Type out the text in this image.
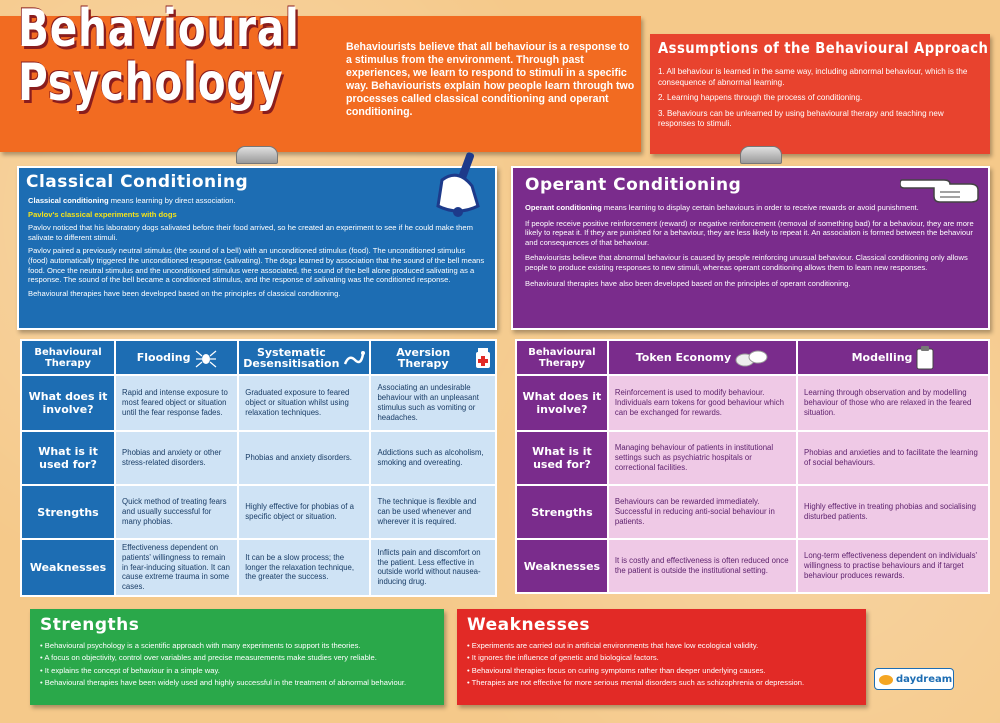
Behavioural
Psychology
Behaviourists believe that all behaviour is a response to a stimulus from the environment. Through past experiences, we learn to respond to stimuli in a specific way. Behaviourists explain how people learn through two processes called classical conditioning and operant conditioning.
Assumptions of the Behavioural Approach
1. All behaviour is learned in the same way, including abnormal behaviour, which is the consequence of abnormal learning.
2. Learning happens through the process of conditioning.
3. Behaviours can be unlearned by using behavioural therapy and teaching new responses to stimuli.
Classical Conditioning
Classical conditioning means learning by direct association.
Pavlov's classical experiments with dogs
Pavlov noticed that his laboratory dogs salivated before their food arrived, so he created an experiment to see if he could make them salivate to different stimuli.
Pavlov paired a previously neutral stimulus (the sound of a bell) with an unconditioned stimulus (food). The unconditioned stimulus (food) automatically triggered the unconditioned response (salivating). The dogs learned by association that the sound of the bell means food. Once the neutral stimulus and the unconditioned stimulus were associated, the sound of the bell alone produced salivating as a response. The sound of the bell became a conditioned stimulus, and the response of salivating was the conditioned response.
Behavioural therapies have been developed based on the principles of classical conditioning.
Operant Conditioning
Operant conditioning means learning to display certain behaviours in order to receive rewards or avoid punishment.
If people receive positive reinforcement (reward) or negative reinforcement (removal of something bad) for a behaviour, they are more likely to repeat it. If they are punished for a behaviour, they are less likely to repeat it. An association is formed between the behaviour and consequences of that behaviour.
Behaviourists believe that abnormal behaviour is caused by people reinforcing unusual behaviour. Classical conditioning only allows people to produce existing responses to new stimuli, whereas operant conditioning allows them to learn new responses.
Behavioural therapies have also been developed based on the principles of operant conditioning.
Behavioural Therapy	Flooding	Systematic Desensitisation	Aversion Therapy

What does it involve?	Rapid and intense exposure to most feared object or situation until the fear response fades.	Graduated exposure to feared object or situation whilst using relaxation techniques.	Associating an undesirable behaviour with an unpleasant stimulus such as vomiting or headaches.
What is it used for?	Phobias and anxiety or other stress-related disorders.	Phobias and anxiety disorders.	Addictions such as alcoholism, smoking and overeating.
Strengths	Quick method of treating fears and usually successful for many phobias.	Highly effective for phobias of a specific object or situation.	The technique is flexible and can be used whenever and wherever it is required.
Weaknesses	Effectiveness dependent on patients' willingness to remain in fear-inducing situation. It can cause extreme trauma in some cases.	It can be a slow process; the longer the relaxation technique, the greater the success.	Inflicts pain and discomfort on the patient. Less effective in outside world without nausea-inducing drug.
Behavioural Therapy	Token Economy	Modelling

What does it involve?	Reinforcement is used to modify behaviour. Individuals earn tokens for good behaviour which can be exchanged for rewards.	Learning through observation and by modelling behaviour of those who are relaxed in the feared situation.
What is it used for?	Managing behaviour of patients in institutional settings such as psychiatric hospitals or correctional facilities.	Phobias and anxieties and to facilitate the learning of social behaviours.
Strengths	Behaviours can be rewarded immediately. Successful in reducing anti-social behaviour in patients.	Highly effective in treating phobias and socialising disturbed patients.
Weaknesses	It is costly and effectiveness is often reduced once the patient is outside the institutional setting.	Long-term effectiveness dependent on individuals' willingness to practise behaviours and if target behaviour produces rewards.
Strengths
• Behavioural psychology is a scientific approach with many experiments to support its theories.
• A focus on objectivity, control over variables and precise measurements make studies very reliable.
• It explains the concept of behaviour in a simple way.
• Behavioural therapies have been widely used and highly successful in the treatment of abnormal behaviour.
Weaknesses
• Experiments are carried out in artificial environments that have low ecological validity.
• It ignores the influence of genetic and biological factors.
• Behavioural therapies focus on curing symptoms rather than deeper underlying causes.
• Therapies are not effective for more serious mental disorders such as schizophrenia or depression.	daydream
